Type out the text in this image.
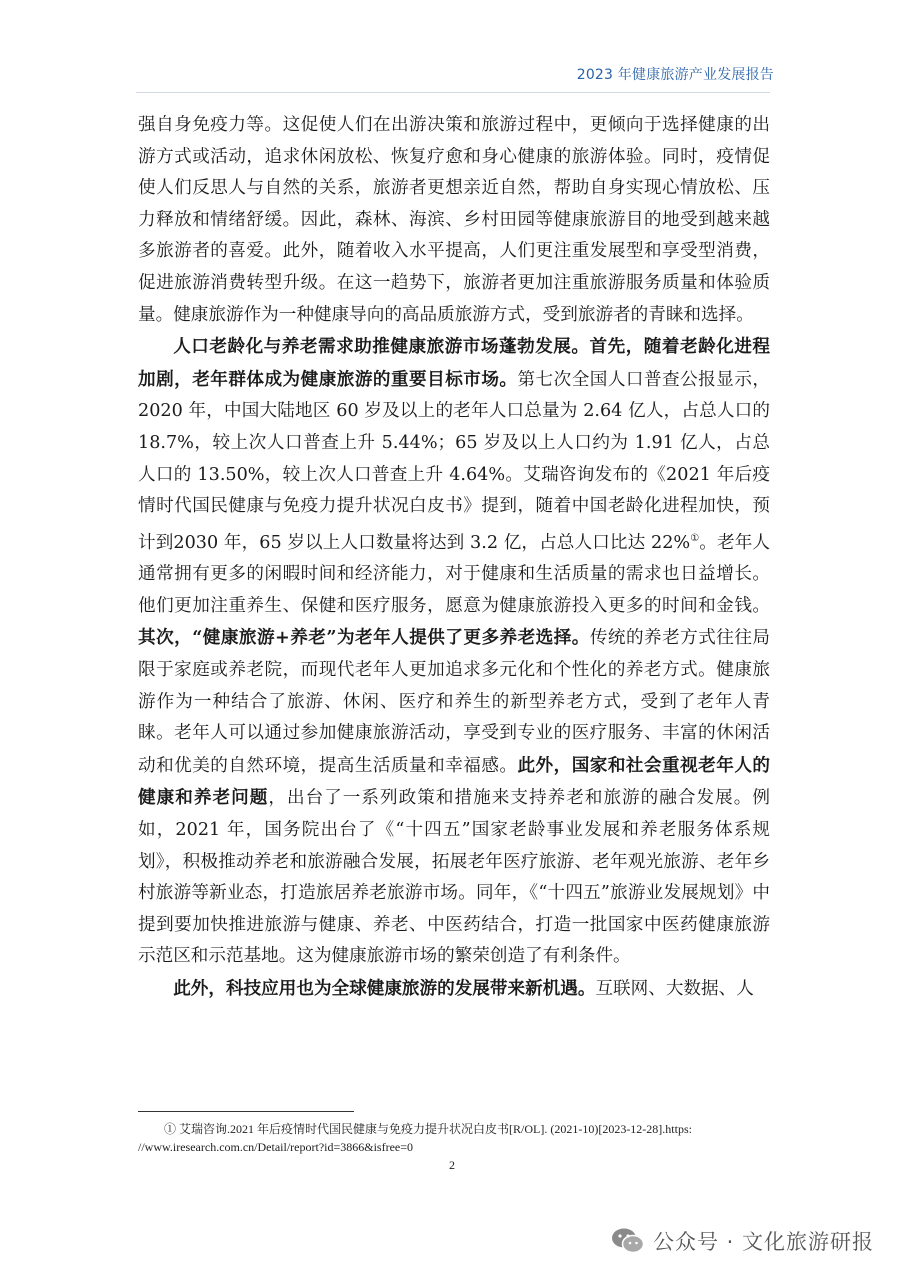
2023 年健康旅游产业发展报告

强自身免疫力等。这促使人们在出游决策和旅游过程中，更倾向于选择健康的出游方式或活动，追求休闲放松、恢复疗愈和身心健康的旅游体验。同时，疫情促使人们反思人与自然的关系，旅游者更想亲近自然，帮助自身实现心情放松、压力释放和情绪舒缓。因此，森林、海滨、乡村田园等健康旅游目的地受到越来越多旅游者的喜爱。此外，随着收入水平提高，人们更注重发展型和享受型消费，促进旅游消费转型升级。在这一趋势下，旅游者更加注重旅游服务质量和体验质量。健康旅游作为一种健康导向的高品质旅游方式，受到旅游者的青睐和选择。

人口老龄化与养老需求助推健康旅游市场蓬勃发展。首先，随着老龄化进程加剧，老年群体成为健康旅游的重要目标市场。第七次全国人口普查公报显示，2020 年，中国大陆地区 60 岁及以上的老年人口总量为 2.64 亿人，占总人口的18.7%，较上次人口普查上升 5.44%；65 岁及以上人口约为 1.91 亿人，占总人口的 13.50%，较上次人口普查上升 4.64%。艾瑞咨询发布的《2021 年后疫情时代国民健康与免疫力提升状况白皮书》提到，随着中国老龄化进程加快，预计到2030 年，65 岁以上人口数量将达到 3.2 亿，占总人口比达 22%①。老年人通常拥有更多的闲暇时间和经济能力，对于健康和生活质量的需求也日益增长。他们更加注重养生、保健和医疗服务，愿意为健康旅游投入更多的时间和金钱。其次，“健康旅游+养老”为老年人提供了更多养老选择。传统的养老方式往往局限于家庭或养老院，而现代老年人更加追求多元化和个性化的养老方式。健康旅游作为一种结合了旅游、休闲、医疗和养生的新型养老方式，受到了老年人青睐。老年人可以通过参加健康旅游活动，享受到专业的医疗服务、丰富的休闲活动和优美的自然环境，提高生活质量和幸福感。此外，国家和社会重视老年人的健康和养老问题，出台了一系列政策和措施来支持养老和旅游的融合发展。例如，2021 年，国务院出台了《“十四五”国家老龄事业发展和养老服务体系规划》，积极推动养老和旅游融合发展，拓展老年医疗旅游、老年观光旅游、老年乡村旅游等新业态，打造旅居养老旅游市场。同年，《“十四五”旅游业发展规划》中提到要加快推进旅游与健康、养老、中医药结合，打造一批国家中医药健康旅游示范区和示范基地。这为健康旅游市场的繁荣创造了有利条件。

此外，科技应用也为全球健康旅游的发展带来新机遇。互联网、大数据、人

① 艾瑞咨询.2021 年后疫情时代国民健康与免疫力提升状况白皮书[R/OL]. (2021-10)[2023-12-28].https:
//www.iresearch.com.cn/Detail/report?id=3866&isfree=0
2
公众号 · 文化旅游研报
